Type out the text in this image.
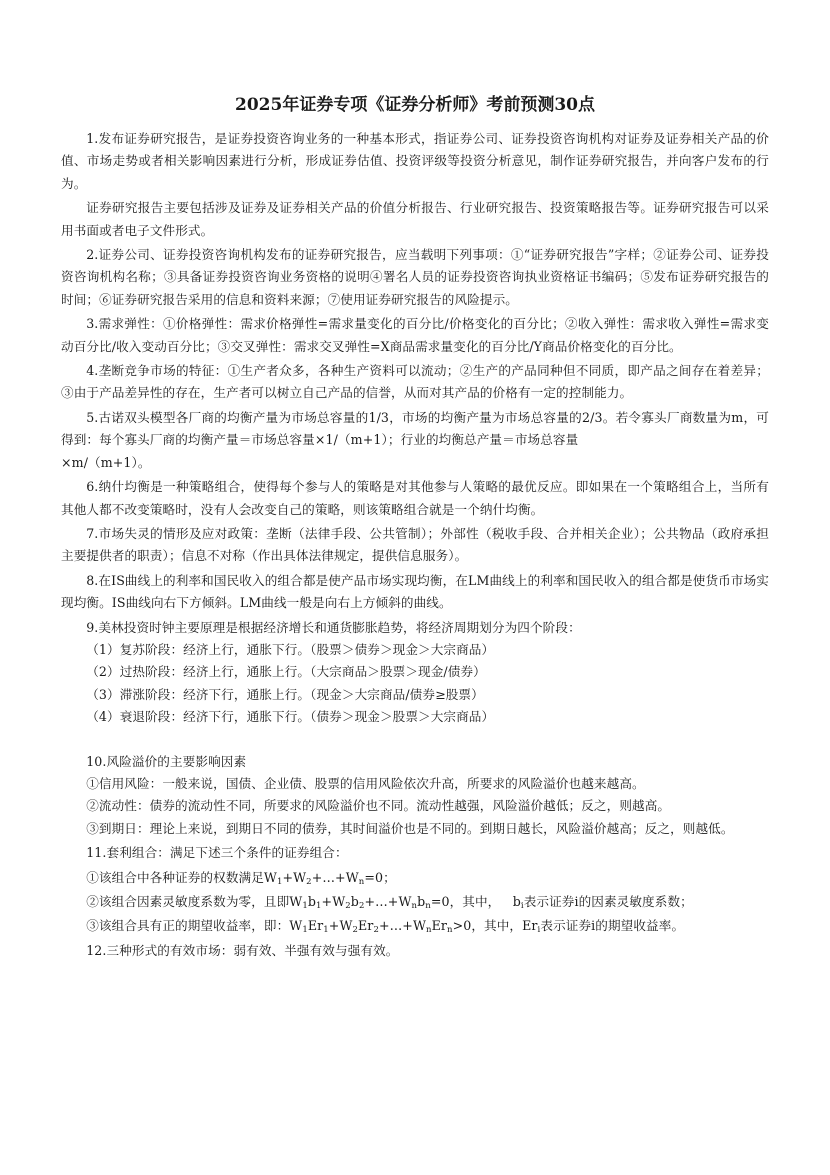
2025年证券专项《证券分析师》考前预测30点

1.发布证券研究报告，是证券投资咨询业务的一种基本形式，指证券公司、证券投资咨询机构对证券及证券相关产品的价值、市场走势或者相关影响因素进行分析，形成证券估值、投资评级等投资分析意见，制作证券研究报告，并向客户发布的行为。

证券研究报告主要包括涉及证券及证券相关产品的价值分析报告、行业研究报告、投资策略报告等。证券研究报告可以采用书面或者电子文件形式。

2.证券公司、证券投资咨询机构发布的证券研究报告，应当载明下列事项：①“证券研究报告”字样；②证券公司、证券投资咨询机构名称；③具备证券投资咨询业务资格的说明④署名人员的证券投资咨询执业资格证书编码；⑤发布证券研究报告的时间；⑥证券研究报告采用的信息和资料来源；⑦使用证券研究报告的风险提示。

3.需求弹性：①价格弹性：需求价格弹性=需求量变化的百分比/价格变化的百分比；②收入弹性：需求收入弹性=需求变动百分比/收入变动百分比；③交叉弹性：需求交叉弹性=X商品需求量变化的百分比/Y商品价格变化的百分比。

4.垄断竞争市场的特征：①生产者众多，各种生产资料可以流动；②生产的产品同种但不同质，即产品之间存在着差异；③由于产品差异性的存在，生产者可以树立自己产品的信誉，从而对其产品的价格有一定的控制能力。

5.古诺双头模型各厂商的均衡产量为市场总容量的1/3，市场的均衡产量为市场总容量的2/3。若令寡头厂商数量为m，可得到：每个寡头厂商的均衡产量＝市场总容量×1/（m+1）；行业的均衡总产量＝市场总容量

×m/（m+1）。

6.纳什均衡是一种策略组合，使得每个参与人的策略是对其他参与人策略的最优反应。即如果在一个策略组合上，当所有其他人都不改变策略时，没有人会改变自己的策略，则该策略组合就是一个纳什均衡。

7.市场失灵的情形及应对政策：垄断（法律手段、公共管制）；外部性（税收手段、合并相关企业）；公共物品（政府承担主要提供者的职责）；信息不对称（作出具体法律规定，提供信息服务）。

8.在IS曲线上的利率和国民收入的组合都是使产品市场实现均衡，在LM曲线上的利率和国民收入的组合都是使货币市场实现均衡。IS曲线向右下方倾斜。LM曲线一般是向右上方倾斜的曲线。

9.美林投资时钟主要原理是根据经济增长和通货膨胀趋势，将经济周期划分为四个阶段：

（1）复苏阶段：经济上行，通胀下行。（股票＞债券＞现金＞大宗商品）

（2）过热阶段：经济上行，通胀上行。（大宗商品＞股票＞现金/债券）

（3）滞涨阶段：经济下行，通胀上行。（现金＞大宗商品/债券≥股票）

（4）衰退阶段：经济下行，通胀下行。（债券＞现金＞股票＞大宗商品）

10.风险溢价的主要影响因素

①信用风险：一般来说，国债、企业债、股票的信用风险依次升高，所要求的风险溢价也越来越高。

②流动性：债券的流动性不同，所要求的风险溢价也不同。流动性越强，风险溢价越低；反之，则越高。

③到期日：理论上来说，到期日不同的债券，其时间溢价也是不同的。到期日越长，风险溢价越高；反之，则越低。

11.套利组合：满足下述三个条件的证券组合：

①该组合中各种证券的权数满足$W_1+W_2+\dots+W_n=0$；

②该组合因素灵敏度系数为零，且即$W_1b_1+W_2b_2+\dots+W_nb_n=0$，其中， $b_i$表示证券i的因素灵敏度系数；

③该组合具有正的期望收益率，即：$W_1Er_1+W_2Er_2+\dots+W_nEr_n>0$，其中，$Er_i$表示证券i的期望收益率。

12.三种形式的有效市场：弱有效、半强有效与强有效。
